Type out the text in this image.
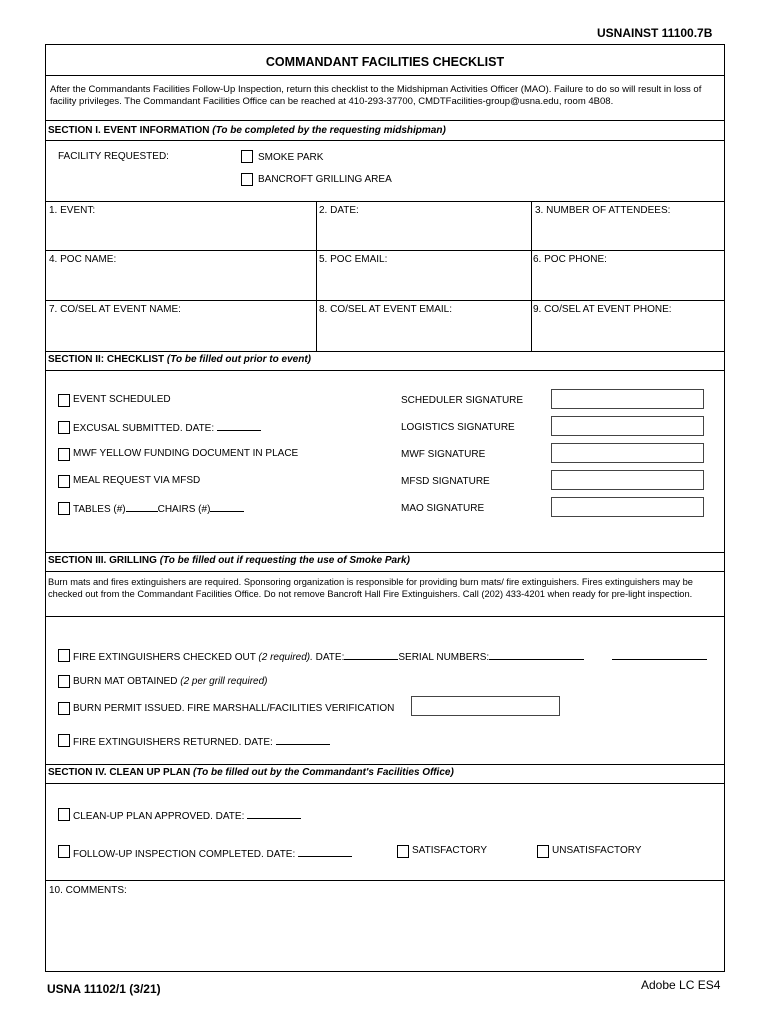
USNAINST 11100.7B
COMMANDANT FACILITIES CHECKLIST
After the Commandants Facilities Follow-Up Inspection, return this checklist to the Midshipman Activities Officer (MAO). Failure to do so will result in loss of facility privileges. The Commandant Facilities Office can be reached at 410-293-37700, CMDTFacilities-group@usna.edu, room 4B08.
SECTION I. EVENT INFORMATION (To be completed by the requesting midshipman)
FACILITY REQUESTED:	SMOKE PARK
BANCROFT GRILLING AREA
1. EVENT:	2. DATE:	3. NUMBER OF ATTENDEES:
4. POC NAME:	5. POC EMAIL:	6. POC PHONE:
7. CO/SEL AT EVENT NAME:	8. CO/SEL AT EVENT EMAIL:	9. CO/SEL AT EVENT PHONE:
SECTION II: CHECKLIST (To be filled out prior to event)
EVENT SCHEDULED
EXCUSAL SUBMITTED. DATE:
MWF YELLOW FUNDING DOCUMENT IN PLACE
MEAL REQUEST VIA MFSD
TABLES (#)	CHAIRS (#)
SCHEDULER SIGNATURE
LOGISTICS SIGNATURE
MWF SIGNATURE
MFSD SIGNATURE
MAO SIGNATURE
SECTION III. GRILLING (To be filled out if requesting the use of Smoke Park)
Burn mats and fires extinguishers are required. Sponsoring organization is responsible for providing burn mats/ fire extinguishers. Fires extinguishers may be checked out from the Commandant Facilities Office. Do not remove Bancroft Hall Fire Extinguishers. Call (202) 433-4201 when ready for pre-light inspection.
FIRE EXTINGUISHERS CHECKED OUT (2 required). DATE:	SERIAL NUMBERS:
BURN MAT OBTAINED (2 per grill required)
BURN PERMIT ISSUED. FIRE MARSHALL/FACILITIES VERIFICATION
FIRE EXTINGUISHERS RETURNED. DATE:
SECTION IV. CLEAN UP PLAN (To be filled out by the Commandant's Facilities Office)
CLEAN-UP PLAN APPROVED. DATE:
FOLLOW-UP INSPECTION COMPLETED. DATE:	SATISFACTORY	UNSATISFACTORY
10. COMMENTS:
USNA 11102/1 (3/21)	Adobe LC ES4
